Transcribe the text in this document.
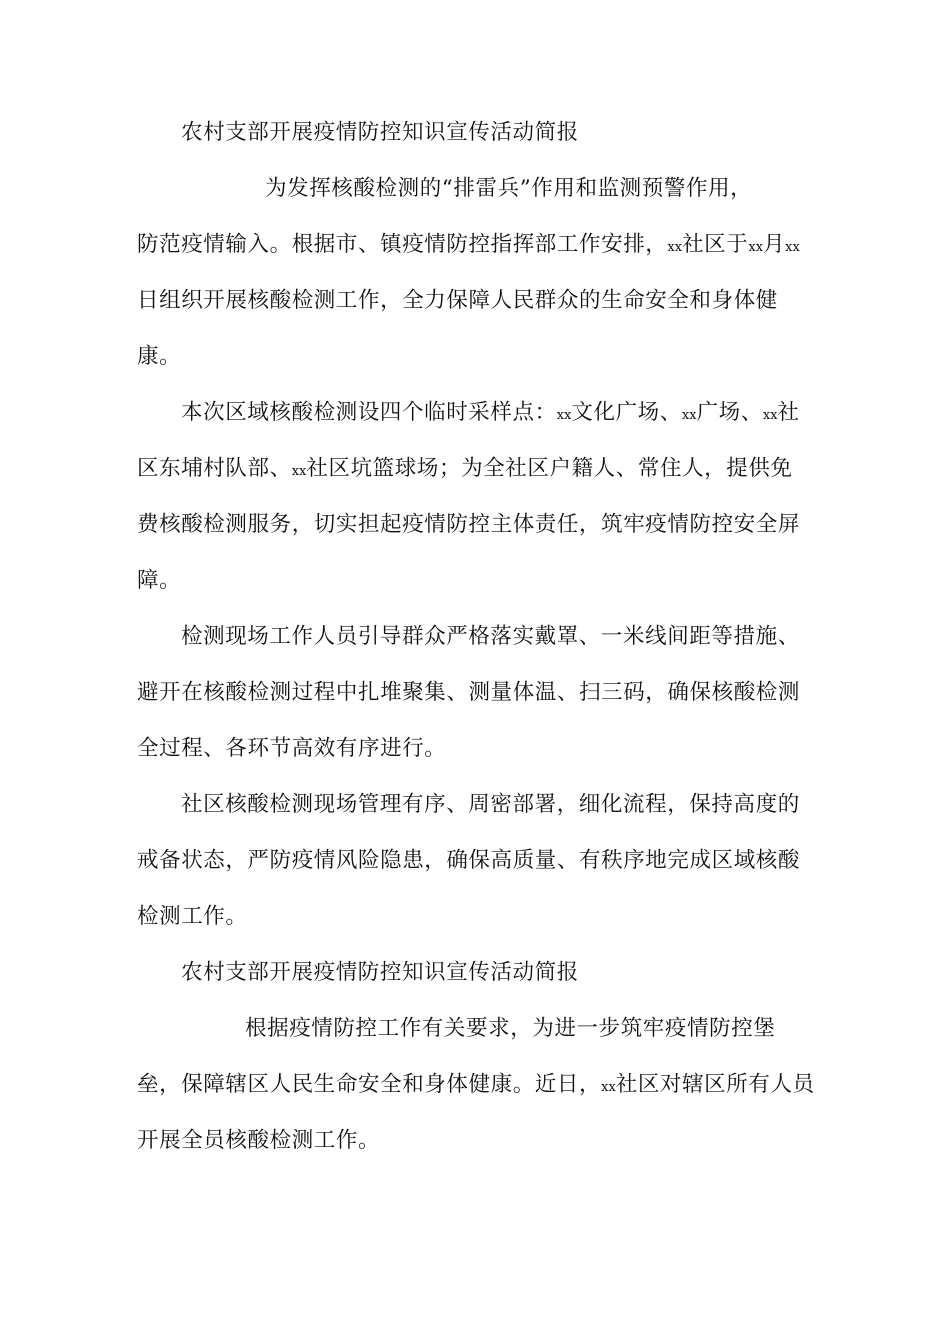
农村支部开展疫情防控知识宣传活动简报
为发挥核酸检测的“排雷兵”作用和监测预警作用，
防范疫情输入。根据市、镇疫情防控指挥部工作安排，xx社区于xx月xx
日组织开展核酸检测工作，全力保障人民群众的生命安全和身体健
康。
本次区域核酸检测设四个临时采样点：xx文化广场、xx广场、xx社
区东埔村队部、xx社区坑篮球场；为全社区户籍人、常住人，提供免
费核酸检测服务，切实担起疫情防控主体责任，筑牢疫情防控安全屏
障。
检测现场工作人员引导群众严格落实戴罩、一米线间距等措施、
避开在核酸检测过程中扎堆聚集、测量体温、扫三码，确保核酸检测
全过程、各环节高效有序进行。
社区核酸检测现场管理有序、周密部署，细化流程，保持高度的
戒备状态，严防疫情风险隐患，确保高质量、有秩序地完成区域核酸
检测工作。
农村支部开展疫情防控知识宣传活动简报
根据疫情防控工作有关要求，为进一步筑牢疫情防控堡
垒，保障辖区人民生命安全和身体健康。近日，xx社区对辖区所有人员
开展全员核酸检测工作。
